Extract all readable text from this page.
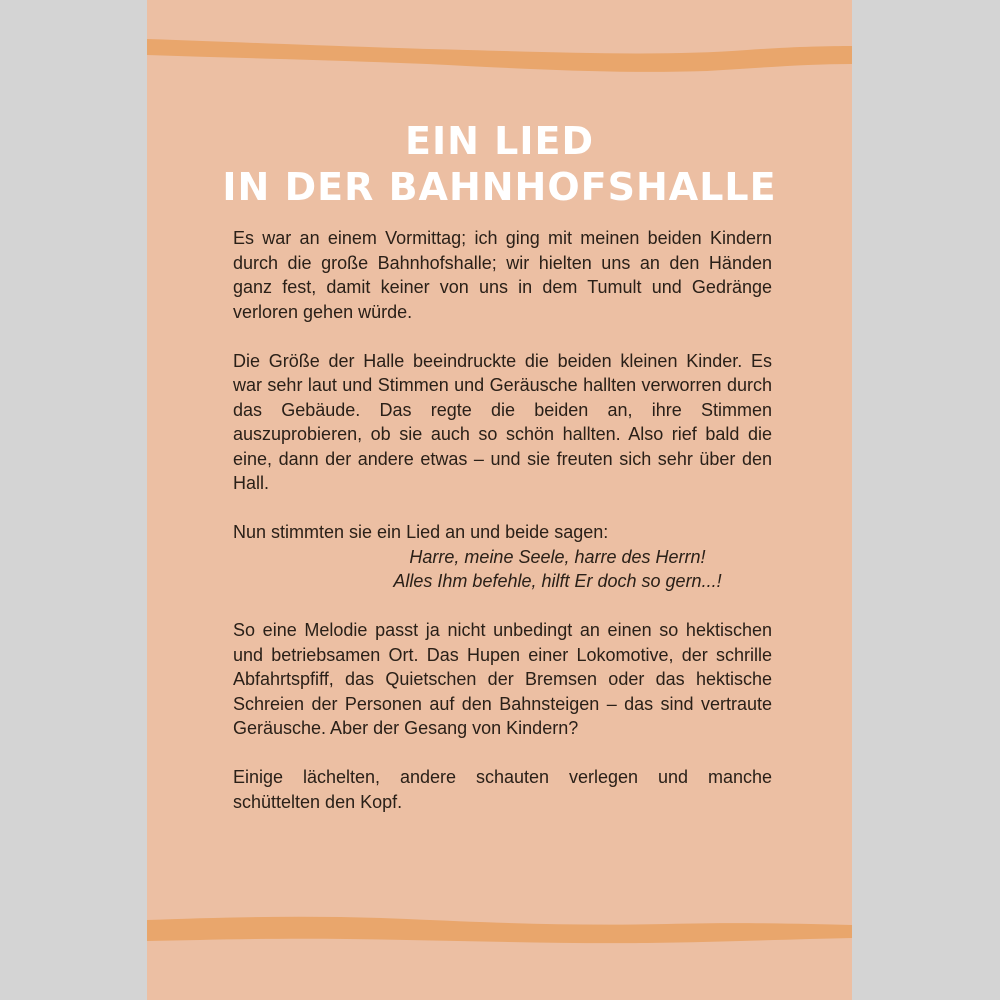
EIN LIED
IN DER BAHNHOFSHALLE

Es war an einem Vormittag; ich ging mit meinen beiden Kindern durch die große Bahnhofshalle; wir hielten uns an den Händen ganz fest, damit keiner von uns in dem Tumult und Gedränge verloren gehen würde.

Die Größe der Halle beeindruckte die beiden kleinen Kinder. Es war sehr laut und Stimmen und Geräusche hallten verworren durch das Gebäude. Das regte die beiden an, ihre Stimmen auszuprobieren, ob sie auch so schön hallten. Also rief bald die eine, dann der andere etwas – und sie freuten sich sehr über den Hall.

Nun stimmten sie ein Lied an und beide sagen:

Harre, meine Seele, harre des Herrn!

Alles Ihm befehle, hilft Er doch so gern...!

So eine Melodie passt ja nicht unbedingt an einen so hektischen und betriebsamen Ort. Das Hupen einer Lokomotive, der schrille Abfahrtspfiff, das Quietschen der Bremsen oder das hektische Schreien der Personen auf den Bahnsteigen – das sind vertraute Geräusche. Aber der Gesang von Kindern?

Einige lächelten, andere schauten verlegen und manche schüttelten den Kopf.
